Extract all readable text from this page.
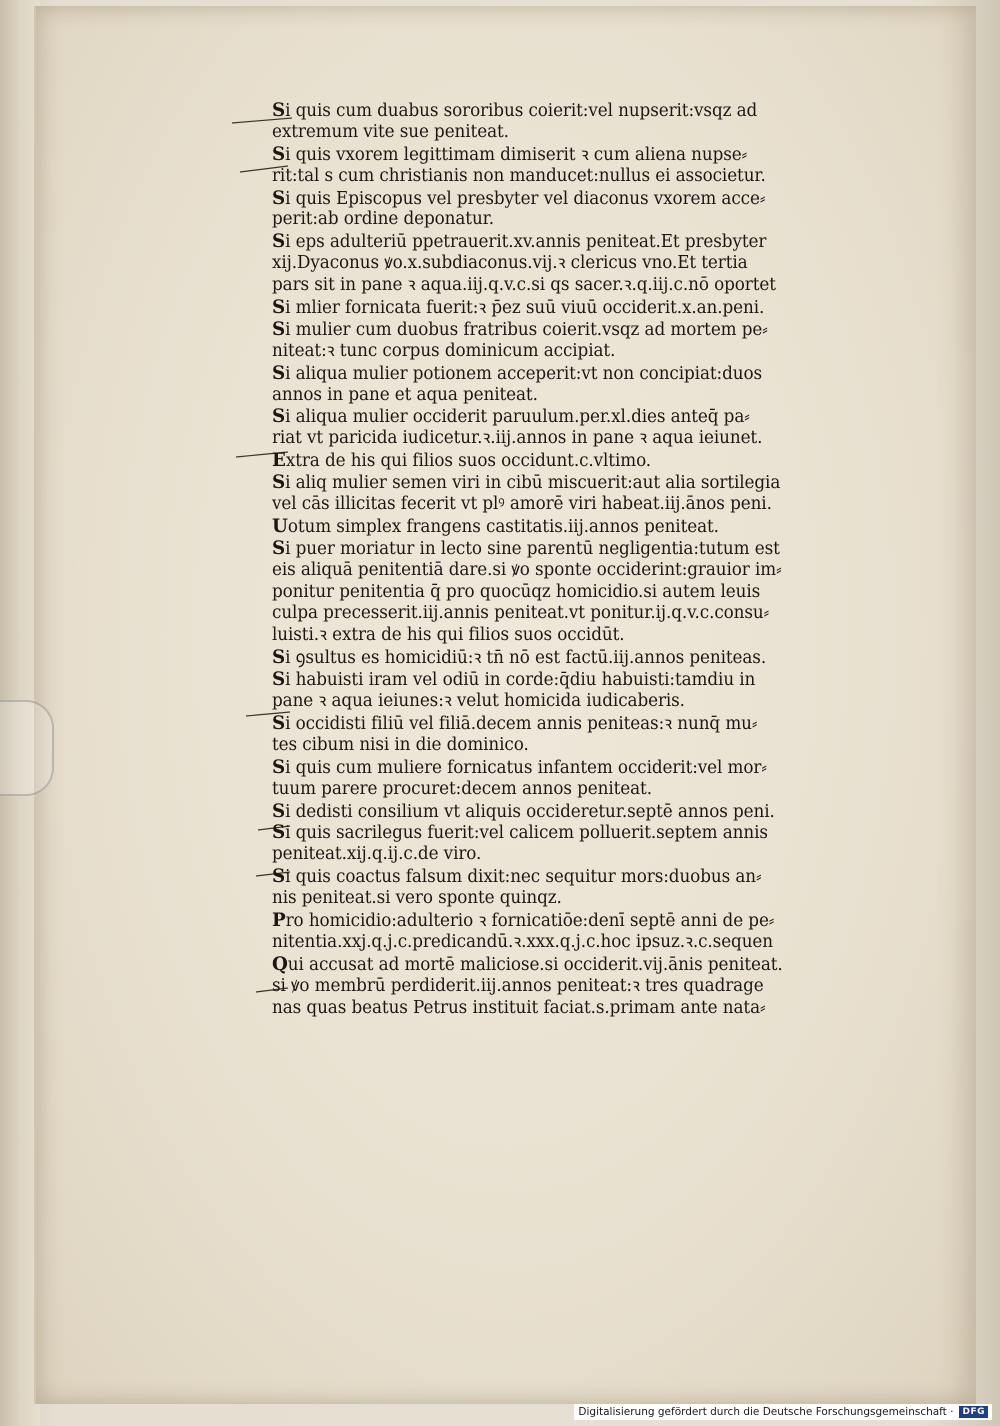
Si quis cum duabus sororibus coierit:vel nupserit:vsqz ad
extremum vite sue peniteat.
Si quis vxorem legittimam dimiserit ꝛ cum aliena nupse⸗
rit:tal s cum christianis non manducet:nullus ei associetur.
Si quis Episcopus vel presbyter vel diaconus vxorem acce⸗
perit:ab ordine deponatur.
Si eps adulteriū ppetrauerit.xv.annis peniteat.Et presbyter
xij.Dyaconus ꝟo.x.subdiaconus.vij.ꝛ clericus vno.Et tertia
pars sit in pane ꝛ aqua.iij.q.v.c.si qs sacer.ꝛ.q.iij.c.nō oportet
Si mlier fornicata fuerit:ꝛ p̄ez suū viuū occiderit.x.an.peni.
Si mulier cum duobus fratribus coierit.vsqz ad mortem pe⸗
niteat:ꝛ tunc corpus dominicum accipiat.
Si aliqua mulier potionem acceperit:vt non concipiat:duos
annos in pane et aqua peniteat.
Si aliqua mulier occiderit paruulum.per.xl.dies anteq̄ pa⸗
riat vt paricida iudicetur.ꝛ.iij.annos in pane ꝛ aqua ieiunet.
Extra de his qui filios suos occidunt.c.vltimo.
Si aliq mulier semen viri in cibū miscuerit:aut alia sortilegia
vel cās illicitas fecerit vt plꝰ amorē viri habeat.iij.ānos peni.
Uotum simplex frangens castitatis.iij.annos peniteat.
Si puer moriatur in lecto sine parentū negligentia:tutum est
eis aliquā penitentiā dare.si ꝟo sponte occiderint:grauior im⸗
ponitur penitentia q̄ pro quocūqz homicidio.si autem leuis
culpa precesserit.iij.annis peniteat.vt ponitur.ij.q.v.c.consu⸗
luisti.ꝛ extra de his qui filios suos occidūt.
Si ꝯsultus es homicidiū:ꝛ tn̄ nō est factū.iij.annos peniteas.
Si habuisti iram vel odiū in corde:q̄diu habuisti:tamdiu in
pane ꝛ aqua ieiunes:ꝛ velut homicida iudicaberis.
Si occidisti filiū vel filiā.decem annis peniteas:ꝛ nunq̄ mu⸗
tes cibum nisi in die dominico.
Si quis cum muliere fornicatus infantem occiderit:vel mor⸗
tuum parere procuret:decem annos peniteat.
Si dedisti consilium vt aliquis occideretur.septē annos peni.
Si quis sacrilegus fuerit:vel calicem polluerit.septem annis
peniteat.xij.q.ij.c.de viro.
Si quis coactus falsum dixit:nec sequitur mors:duobus an⸗
nis peniteat.si vero sponte quinqz.
Pro homicidio:adulterio ꝛ fornicatiōe:denī septē anni de pe⸗
nitentia.xxj.q.j.c.predicandū.ꝛ.xxx.q.j.c.hoc ipsuz.ꝛ.c.sequen
Qui accusat ad mortē maliciose.si occiderit.vij.ānis peniteat.
si ꝟo membrū perdiderit.iij.annos peniteat:ꝛ tres quadrage
nas quas beatus Petrus instituit faciat.s.primam ante nata⸗
Digitalisierung gefördert durch die Deutsche Forschungsgemeinschaft ·	DFG
